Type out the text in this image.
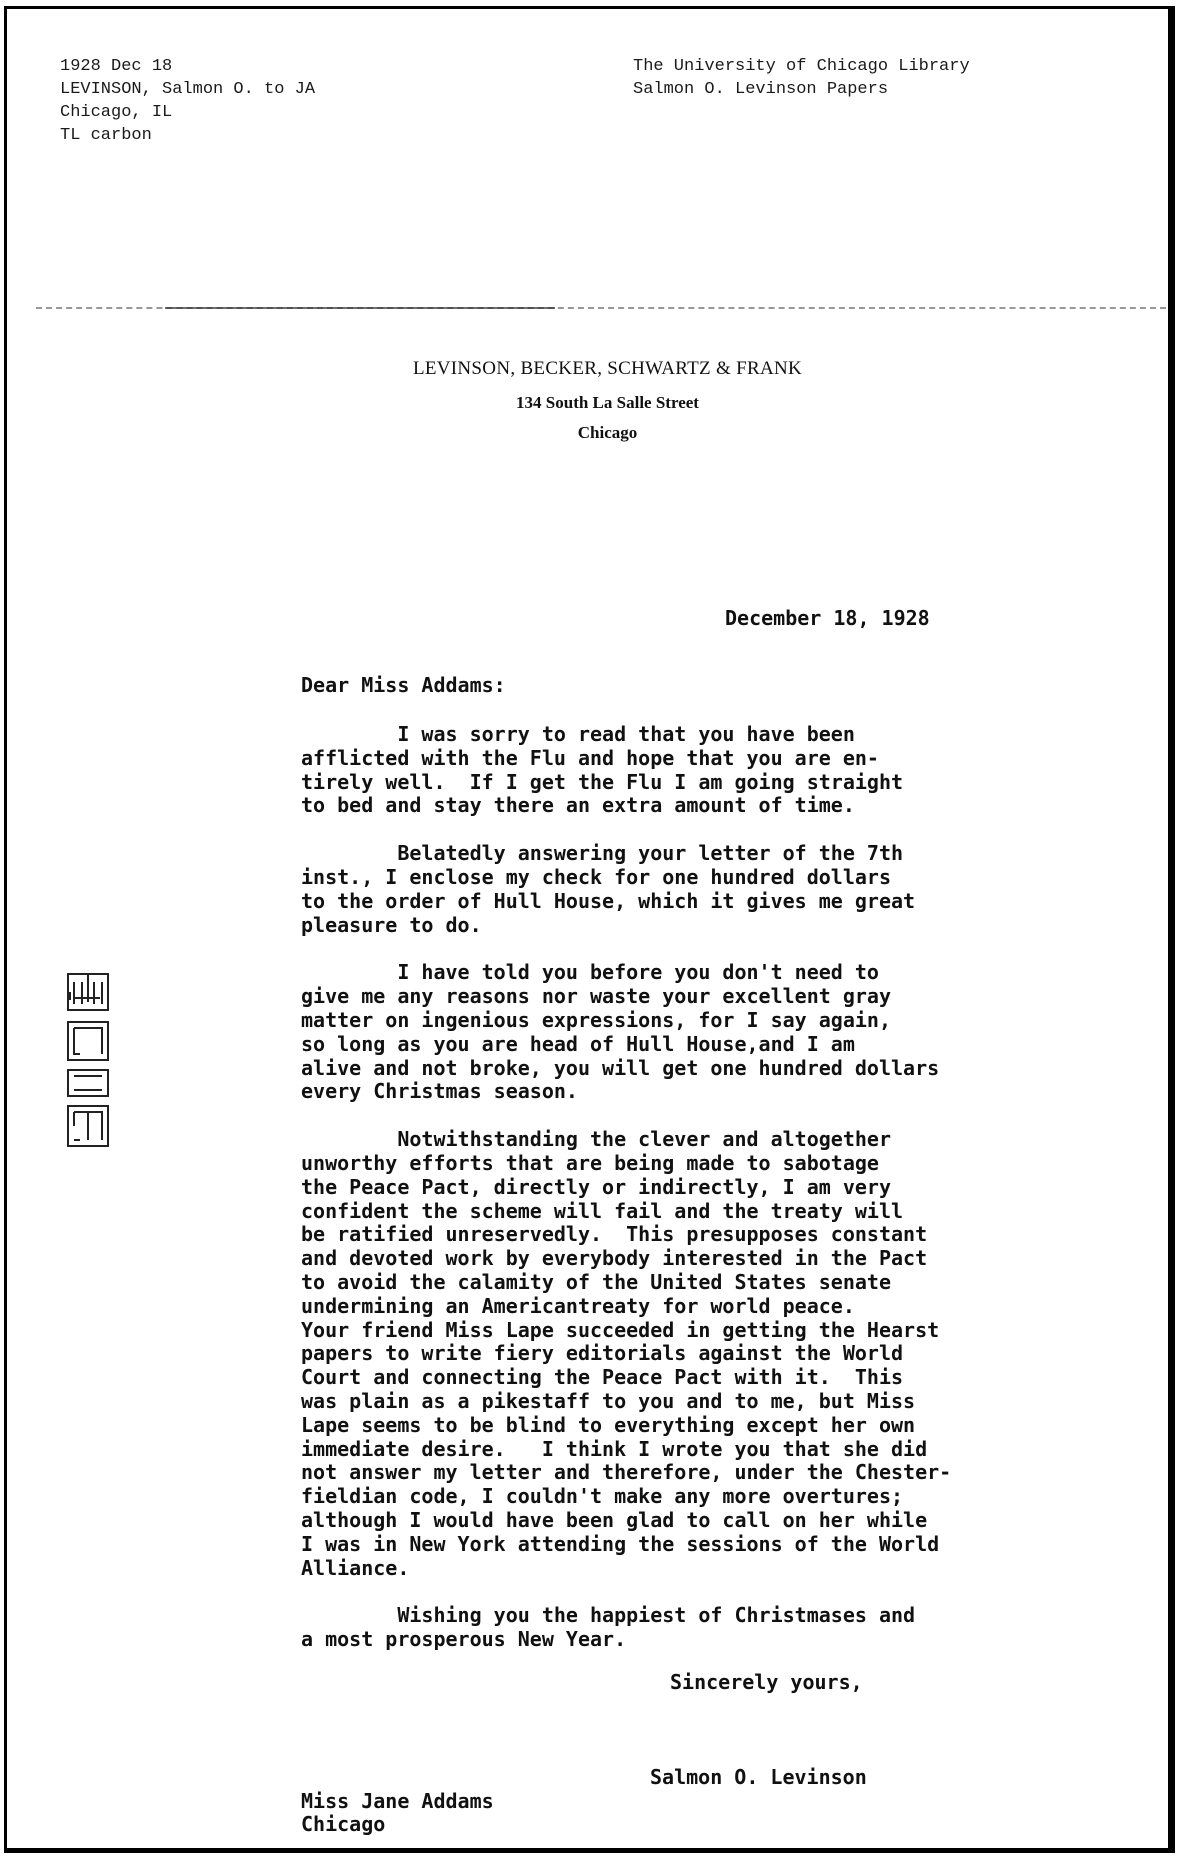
1928 Dec 18
LEVINSON, Salmon O. to JA
Chicago, IL
TL carbon
The University of Chicago Library
Salmon O. Levinson Papers
LEVINSON, BECKER, SCHWARTZ & FRANK
134 South La Salle Street
Chicago
December 18, 1928
Dear Miss Addams:
I was sorry to read that you have been
afflicted with the Flu and hope that you are en-
tirely well.  If I get the Flu I am going straight
to bed and stay there an extra amount of time.
Belatedly answering your letter of the 7th
inst., I enclose my check for one hundred dollars
to the order of Hull House, which it gives me great
pleasure to do.
I have told you before you don't need to
give me any reasons nor waste your excellent gray
matter on ingenious expressions, for I say again,
so long as you are head of Hull House,and I am
alive and not broke, you will get one hundred dollars
every Christmas season.
Notwithstanding the clever and altogether
unworthy efforts that are being made to sabotage
the Peace Pact, directly or indirectly, I am very
confident the scheme will fail and the treaty will
be ratified unreservedly.  This presupposes constant
and devoted work by everybody interested in the Pact
to avoid the calamity of the United States senate
undermining an Americantreaty for world peace.
Your friend Miss Lape succeeded in getting the Hearst
papers to write fiery editorials against the World
Court and connecting the Peace Pact with it.  This
was plain as a pikestaff to you and to me, but Miss
Lape seems to be blind to everything except her own
immediate desire.   I think I wrote you that she did
not answer my letter and therefore, under the Chester-
fieldian code, I couldn't make any more overtures;
although I would have been glad to call on her while
I was in New York attending the sessions of the World
Alliance.
Wishing you the happiest of Christmases and
a most prosperous New Year.
Sincerely yours,
Salmon O. Levinson
Miss Jane Addams
Chicago
